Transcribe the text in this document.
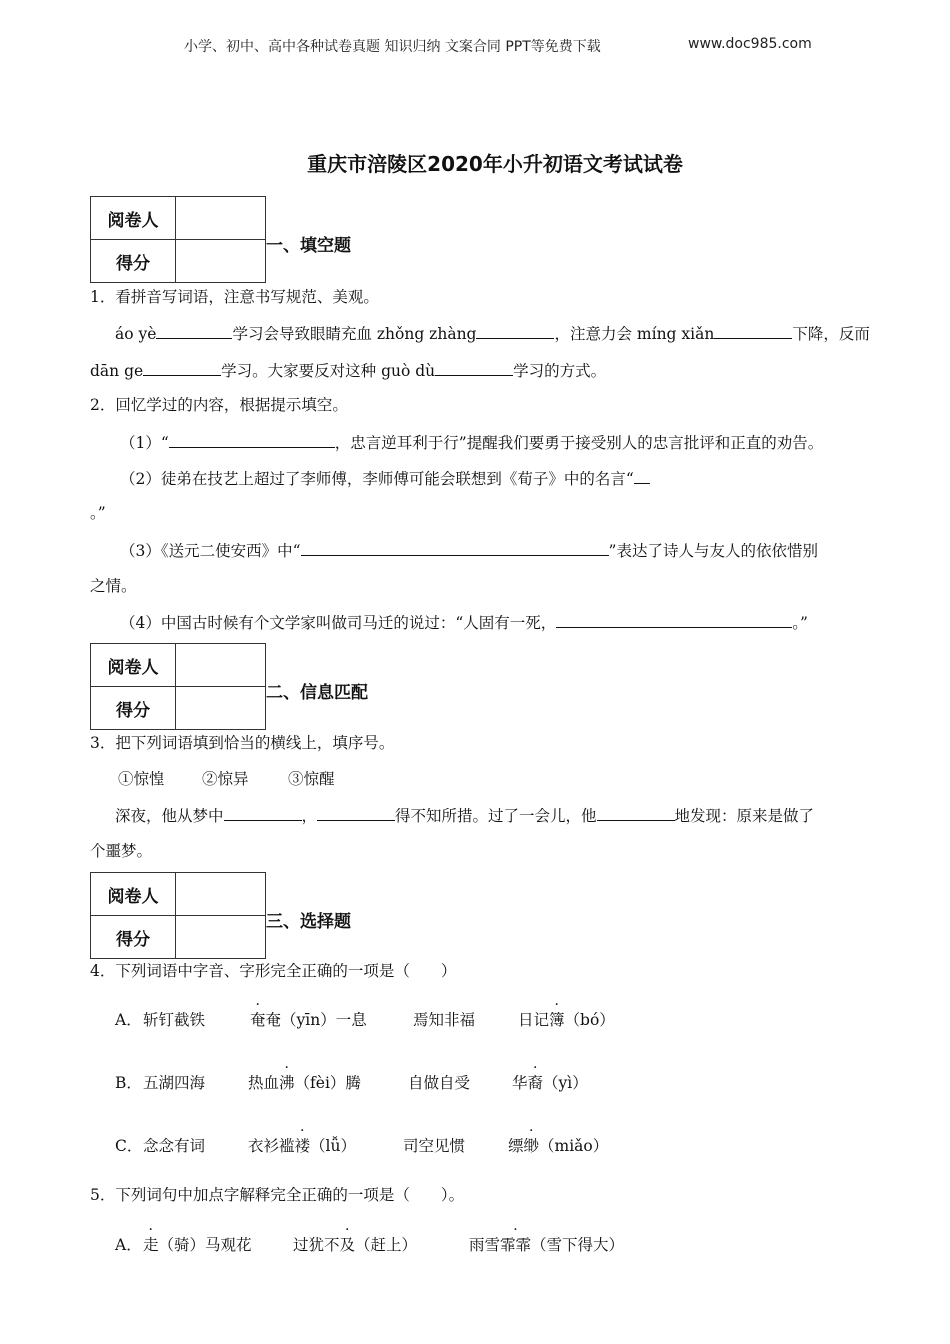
小学、初中、高中各种试卷真题 知识归纳 文案合同 PPT等免费下载	www.doc985.com
重庆市涪陵区2020年小升初语文考试试卷
阅卷人
得分
一、填空题
1．看拼音写词语，注意书写规范、美观。
áo yè	学习会导致眼睛充血 zhǒng zhàng	，注意力会 míng xiǎn	下降，反而
dān ge	学习。大家要反对这种 guò dù	学习的方式。
2．回忆学过的内容，根据提示填空。
（1）“	，忠言逆耳利于行”提醒我们要勇于接受别人的忠言批评和正直的劝告。
（2）徒弟在技艺上超过了李师傅，李师傅可能会联想到《荀子》中的名言“
。”
（3）《送元二使安西》中“	”表达了诗人与友人的依依惜别
之情。
（4）中国古时候有个文学家叫做司马迁的说过：“人固有一死，	。”
阅卷人
得分
二、信息匹配
3．把下列词语填到恰当的横线上，填序号。
①惊惶 ②惊异	③惊醒
深夜，他从梦中	，	得不知所措。过了一会儿，他	地发现：原来是做了
个噩梦。
阅卷人
得分
三、选择题
4．下列词语中字音、字形完全正确的一项是（　　）
A． 斩钉截铁	奄奄（yīn）一息	焉知非福	日记簿（bó）
B． 五湖四海	热血沸（fèi）腾	自做自受	华裔（yì）
C． 念念有词	衣衫褴褛（lǚ）	司空见惯	缥缈（miǎo）
5．下列词句中加点字解释完全正确的一项是（　　）。
A． 走（骑）马观花	过犹不及（赶上）	雨雪霏霏（雪下得大）
